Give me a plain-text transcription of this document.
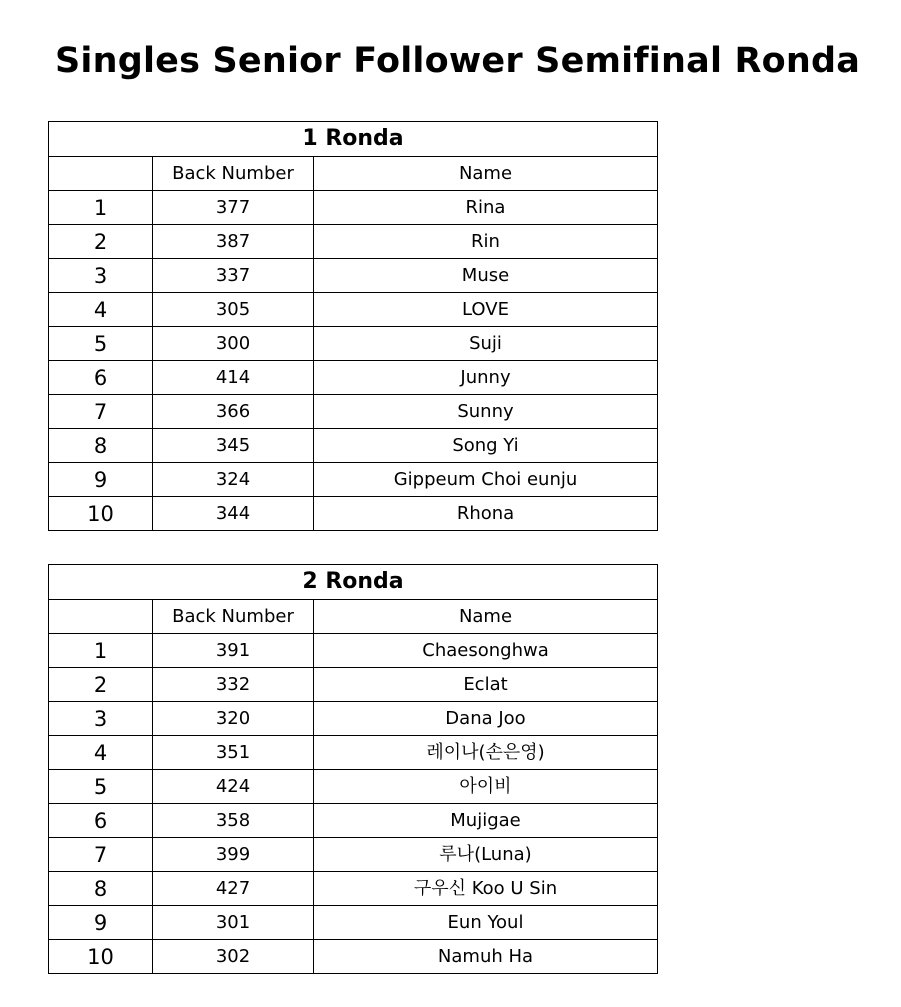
Singles Senior Follower Semifinal Ronda
1 Ronda		
	Back Number	Name
1	377	Rina
2	387	Rin
3	337	Muse
4	305	LOVE
5	300	Suji
6	414	Junny
7	366	Sunny
8	345	Song Yi
9	324	Gippeum Choi eunju
10	344	Rhona
2 Ronda		
	Back Number	Name
1	391	Chaesonghwa
2	332	Eclat
3	320	Dana Joo
4	351	레이나(손은영)
5	424	아이비
6	358	Mujigae
7	399	루나(Luna)
8	427	구우신 Koo U Sin
9	301	Eun Youl
10	302	Namuh Ha
